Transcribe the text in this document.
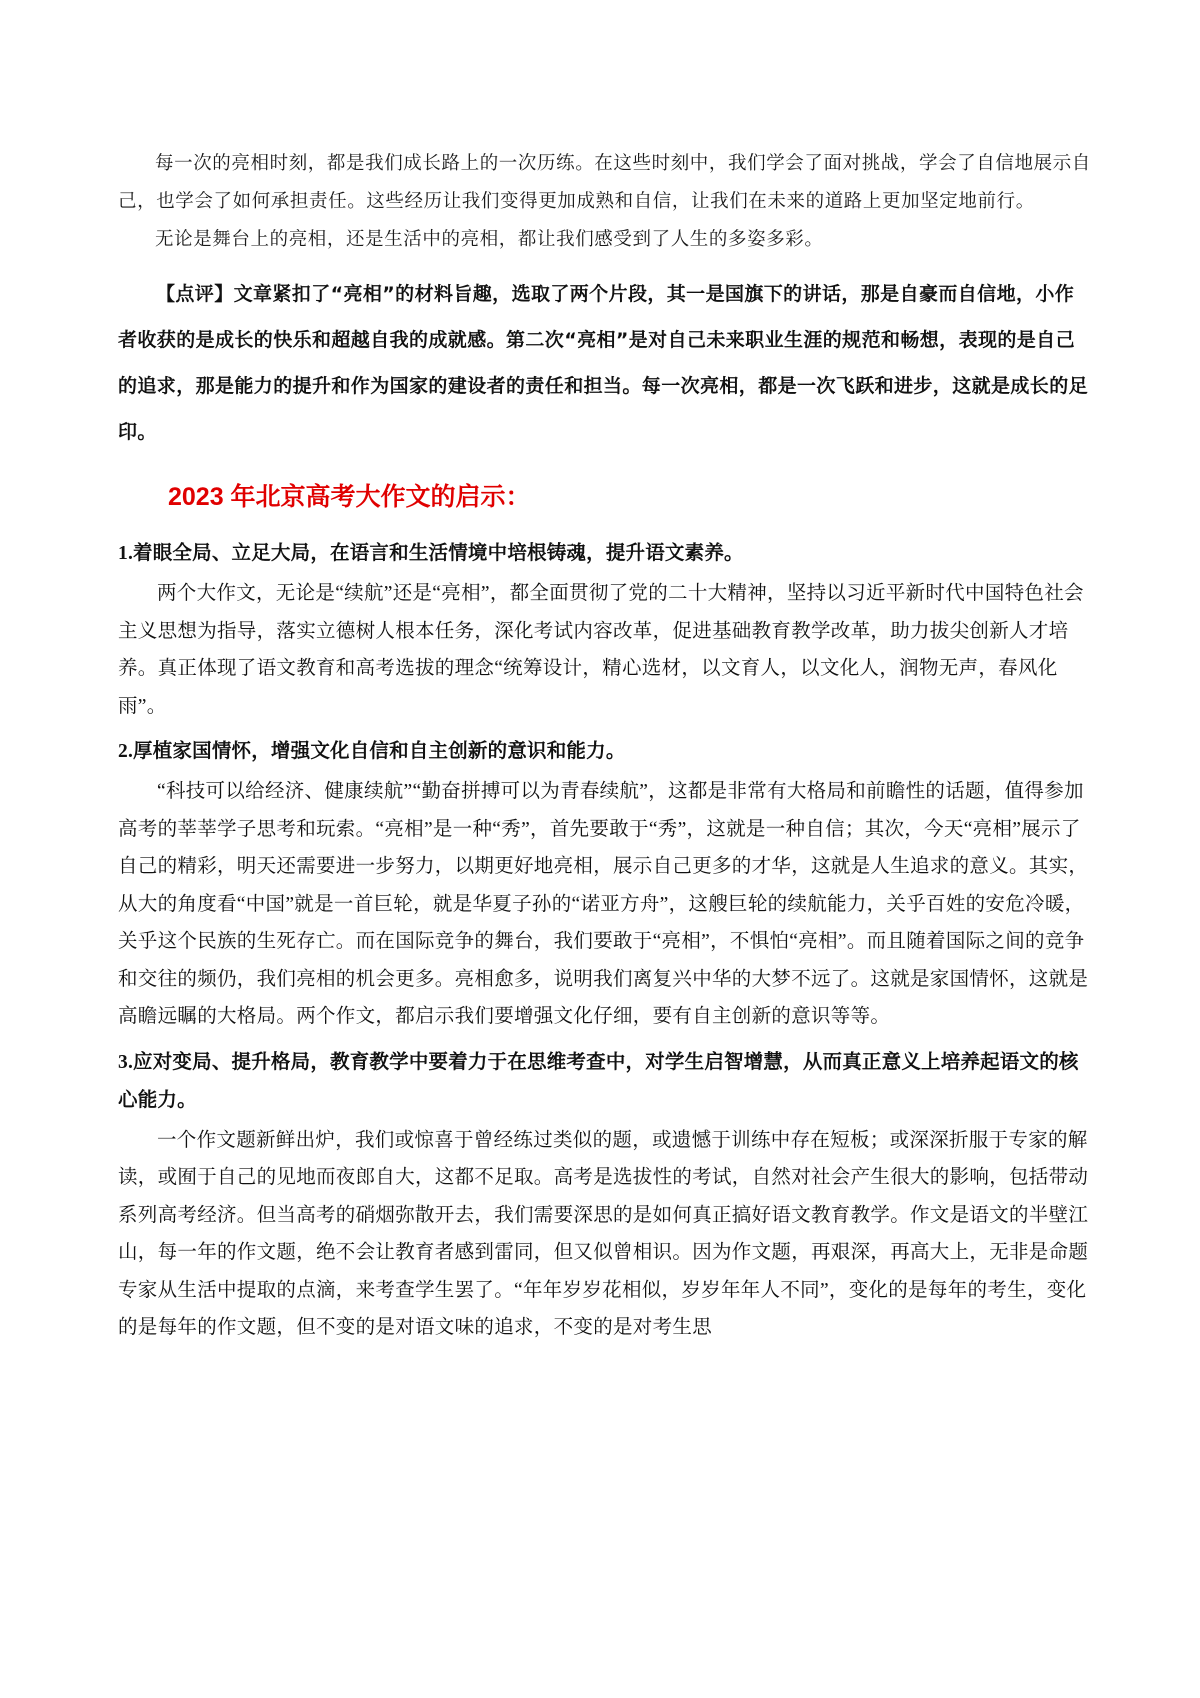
每一次的亮相时刻，都是我们成长路上的一次历练。在这些时刻中，我们学会了面对挑战，学会了自信地展示自己，也学会了如何承担责任。这些经历让我们变得更加成熟和自信，让我们在未来的道路上更加坚定地前行。

无论是舞台上的亮相，还是生活中的亮相，都让我们感受到了人生的多姿多彩。

【点评】文章紧扣了“亮相”的材料旨趣，选取了两个片段，其一是国旗下的讲话，那是自豪而自信地，小作者收获的是成长的快乐和超越自我的成就感。第二次“亮相”是对自己未来职业生涯的规范和畅想，表现的是自己的追求，那是能力的提升和作为国家的建设者的责任和担当。每一次亮相，都是一次飞跃和进步，这就是成长的足印。

2023 年北京高考大作文的启示：

1.着眼全局、立足大局，在语言和生活情境中培根铸魂，提升语文素养。

两个大作文，无论是“续航”还是“亮相”，都全面贯彻了党的二十大精神，坚持以习近平新时代中国特色社会主义思想为指导，落实立德树人根本任务，深化考试内容改革，促进基础教育教学改革，助力拔尖创新人才培养。真正体现了语文教育和高考选拔的理念“统筹设计，精心选材，以文育人，以文化人，润物无声，春风化雨”。

2.厚植家国情怀，增强文化自信和自主创新的意识和能力。

“科技可以给经济、健康续航”“勤奋拼搏可以为青春续航”，这都是非常有大格局和前瞻性的话题，值得参加高考的莘莘学子思考和玩索。“亮相”是一种“秀”，首先要敢于“秀”，这就是一种自信；其次，今天“亮相”展示了自己的精彩，明天还需要进一步努力，以期更好地亮相，展示自己更多的才华，这就是人生追求的意义。其实，从大的角度看“中国”就是一首巨轮，就是华夏子孙的“诺亚方舟”，这艘巨轮的续航能力，关乎百姓的安危冷暖，关乎这个民族的生死存亡。而在国际竞争的舞台，我们要敢于“亮相”，不惧怕“亮相”。而且随着国际之间的竞争和交往的频仍，我们亮相的机会更多。亮相愈多，说明我们离复兴中华的大梦不远了。这就是家国情怀，这就是高瞻远瞩的大格局。两个作文，都启示我们要增强文化仔细，要有自主创新的意识等等。

3.应对变局、提升格局，教育教学中要着力于在思维考查中，对学生启智增慧，从而真正意义上培养起语文的核心能力。

一个作文题新鲜出炉，我们或惊喜于曾经练过类似的题，或遗憾于训练中存在短板；或深深折服于专家的解读，或囿于自己的见地而夜郎自大，这都不足取。高考是选拔性的考试，自然对社会产生很大的影响，包括带动系列高考经济。但当高考的硝烟弥散开去，我们需要深思的是如何真正搞好语文教育教学。作文是语文的半壁江山，每一年的作文题，绝不会让教育者感到雷同，但又似曾相识。因为作文题，再艰深，再高大上，无非是命题专家从生活中提取的点滴，来考查学生罢了。“年年岁岁花相似，岁岁年年人不同”，变化的是每年的考生，变化的是每年的作文题，但不变的是对语文味的追求，不变的是对考生思
